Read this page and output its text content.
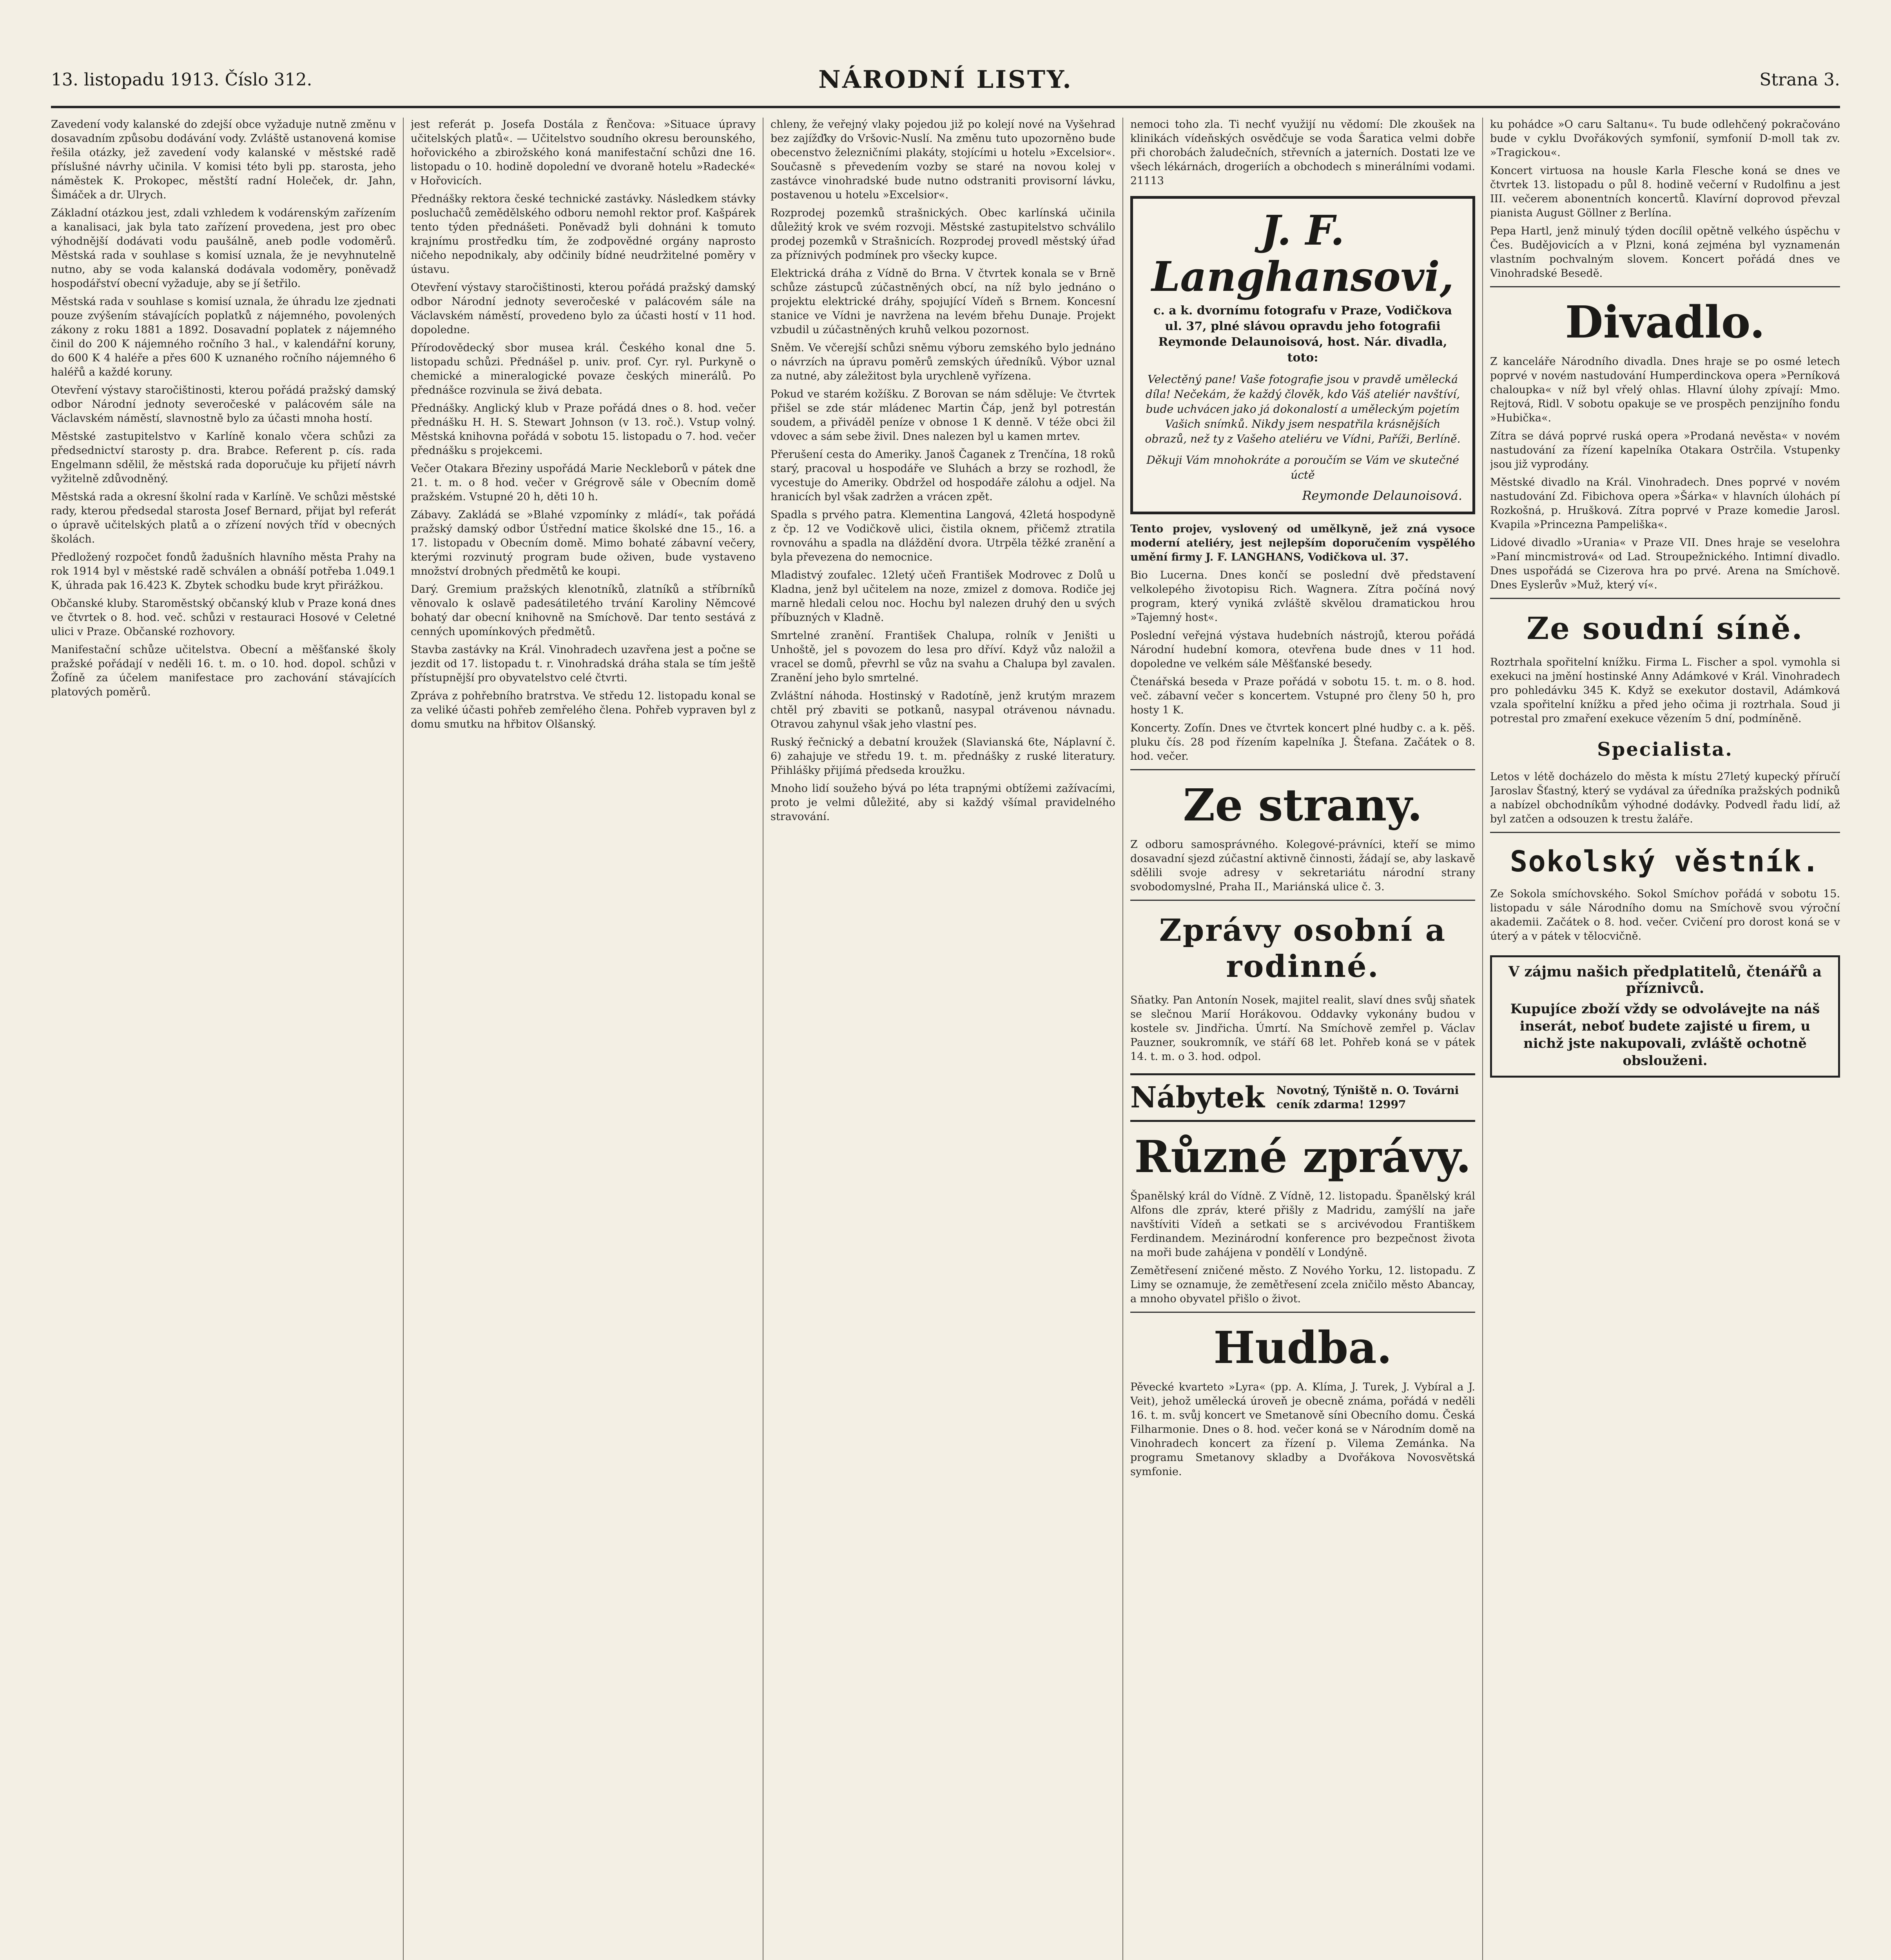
13. listopadu 1913. Číslo 312.	NÁRODNÍ LISTY.	Strana 3.

Zavedení vody kalanské do zdejší obce vyžaduje nutně změnu v dosavadním způsobu dodávání vody. Zvláště ustanovená komise řešila otázky, jež zavedení vody kalanské v městské radě příslušné návrhy učinila. V komisi této byli pp. starosta, jeho náměstek K. Prokopec, městští radní Holeček, dr. Jahn, Šimáček a dr. Ulrych.

Základní otázkou jest, zdali vzhledem k vodárenským zařízením a kanalisaci, jak byla tato zařízení provedena, jest pro obec výhodnější dodávati vodu paušálně, aneb podle vodoměrů. Městská rada v souhlase s komisí uznala, že je nevyhnutelně nutno, aby se voda kalanská dodávala vodoměry, poněvadž hospodářství obecní vyžaduje, aby se jí šetřilo.

Městská rada v souhlase s komisí uznala, že úhradu lze zjednati pouze zvýšením stávajících poplatků z nájemného, povolených zákony z roku 1881 a 1892. Dosavadní poplatek z nájemného činil do 200 K nájemného ročního 3 hal., v kalendářní koruny, do 600 K 4 haléře a přes 600 K uznaného ročního nájemného 6 haléřů a každé koruny.

Otevření výstavy staročištinosti, kterou pořádá pražský damský odbor Národní jednoty severočeské v palácovém sále na Václavském náměstí, slavnostně bylo za účasti mnoha hostí.

Městské zastupitelstvo v Karlíně konalo včera schůzi za předsednictví starosty p. dra. Brabce. Referent p. cís. rada Engelmann sdělil, že městská rada doporučuje ku přijetí návrh vyžitelně zdůvodněný.

Městská rada a okresní školní rada v Karlíně. Ve schůzi městské rady, kterou předsedal starosta Josef Bernard, přijat byl referát o úpravě učitelských platů a o zřízení nových tříd v obecných školách.

Předložený rozpočet fondů žadušních hlavního města Prahy na rok 1914 byl v městské radě schválen a obnáší potřeba 1.049.1 K, úhrada pak 16.423 K. Zbytek schodku bude kryt přirážkou.

Občanské kluby. Staroměstský občanský klub v Praze koná dnes ve čtvrtek o 8. hod. več. schůzi v restauraci Hosové v Celetné ulici v Praze. Občanské rozhovory.

Manifestační schůze učitelstva. Obecní a měšťanské školy pražské pořádají v neděli 16. t. m. o 10. hod. dopol. schůzi v Žofíně za účelem manifestace pro zachování stávajících platových poměrů.

jest referát p. Josefa Dostála z Řenčova: »Situace úpravy učitelských platů«. — Učitelstvo soudního okresu berounského, hořovického a zbirožského koná manifestační schůzi dne 16. listopadu o 10. hodině dopolední ve dvoraně hotelu »Radecké« v Hořovicích.

Přednášky rektora české technické zastávky. Následkem stávky posluchačů zemědělského odboru nemohl rektor prof. Kašpárek tento týden přednášeti. Poněvadž byli dohnáni k tomuto krajnímu prostředku tím, že zodpovědné orgány naprosto ničeho nepodnikaly, aby odčinily bídné neudržitelné poměry v ústavu.

Otevření výstavy staročištinosti, kterou pořádá pražský damský odbor Národní jednoty severočeské v palácovém sále na Václavském náměstí, provedeno bylo za účasti hostí v 11 hod. dopoledne.

Přírodovědecký sbor musea král. Českého konal dne 5. listopadu schůzi. Přednášel p. univ. prof. Cyr. ryl. Purkyně o chemické a mineralogické povaze českých minerálů. Po přednášce rozvinula se živá debata.

Přednášky. Anglický klub v Praze pořádá dnes o 8. hod. večer přednášku H. H. S. Stewart Johnson (v 13. roč.). Vstup volný. Městská knihovna pořádá v sobotu 15. listopadu o 7. hod. večer přednášku s projekcemi.

Večer Otakara Březiny uspořádá Marie Neckleborů v pátek dne 21. t. m. o 8 hod. večer v Grégrově sále v Obecním domě pražském. Vstupné 20 h, děti 10 h.

Zábavy. Zakládá se »Blahé vzpomínky z mládí«, tak pořádá pražský damský odbor Ústřední matice školské dne 15., 16. a 17. listopadu v Obecním domě. Mimo bohaté zábavní večery, kterými rozvinutý program bude oživen, bude vystaveno množství drobných předmětů ke koupi.

Darý. Gremium pražských klenotníků, zlatníků a stříbrníků věnovalo k oslavě padesátiletého trvání Karoliny Němcové bohatý dar obecní knihovně na Smíchově. Dar tento sestává z cenných upomínkových předmětů.

Stavba zastávky na Král. Vinohradech uzavřena jest a počne se jezdit od 17. listopadu t. r. Vinohradská dráha stala se tím ještě přístupnější pro obyvatelstvo celé čtvrti.

Zpráva z pohřebního bratrstva. Ve středu 12. listopadu konal se za veliké účasti pohřeb zemřelého člena. Pohřeb vypraven byl z domu smutku na hřbitov Olšanský.

chleny, že veřejný vlaky pojedou již po kolejí nové na Vyšehrad bez zajížďky do Vršovic-Nuslí. Na změnu tuto upozorněno bude obecenstvo železničními plakáty, stojícími u hotelu »Excelsior«. Současně s převedením vozby se staré na novou kolej v zastávce vinohradské bude nutno odstraniti provisorní lávku, postavenou u hotelu »Excelsior«.

Rozprodej pozemků strašnických. Obec karlínská učinila důležitý krok ve svém rozvoji. Městské zastupitelstvo schválilo prodej pozemků v Strašnicích. Rozprodej provedl městský úřad za příznivých podmínek pro všecky kupce.

Elektrická dráha z Vídně do Brna. V čtvrtek konala se v Brně schůze zástupců zúčastněných obcí, na níž bylo jednáno o projektu elektrické dráhy, spojující Vídeň s Brnem. Koncesní stanice ve Vídni je navržena na levém břehu Dunaje. Projekt vzbudil u zúčastněných kruhů velkou pozornost.

Sněm. Ve včerejší schůzi sněmu výboru zemského bylo jednáno o návrzích na úpravu poměrů zemských úředníků. Výbor uznal za nutné, aby záležitost byla urychleně vyřízena.

Pokud ve starém kožíšku. Z Borovan se nám sděluje: Ve čtvrtek přišel se zde stár mládenec Martin Čáp, jenž byl potrestán soudem, a přiváděl peníze v obnose 1 K denně. V téže obci žil vdovec a sám sebe živil. Dnes nalezen byl u kamen mrtev.

Přerušení cesta do Ameriky. Janoš Čaganek z Trenčína, 18 roků starý, pracoval u hospodáře ve Sluhách a brzy se rozhodl, že vycestuje do Ameriky. Obdržel od hospodáře zálohu a odjel. Na hranicích byl však zadržen a vrácen zpět.

Spadla s prvého patra. Klementina Langová, 42letá hospodyně z čp. 12 ve Vodičkově ulici, čistila oknem, přičemž ztratila rovnováhu a spadla na dláždění dvora. Utrpěla těžké zranění a byla převezena do nemocnice.

Mladistvý zoufalec. 12letý učeň František Modrovec z Dolů u Kladna, jenž byl učitelem na noze, zmizel z domova. Rodiče jej marně hledali celou noc. Hochu byl nalezen druhý den u svých příbuzných v Kladně.

Smrtelné zranění. František Chalupa, rolník v Jeništi u Unhoště, jel s povozem do lesa pro dříví. Když vůz naložil a vracel se domů, převrhl se vůz na svahu a Chalupa byl zavalen. Zranění jeho bylo smrtelné.

Zvláštní náhoda. Hostinský v Radotíně, jenž krutým mrazem chtěl prý zbaviti se potkanů, nasypal otrávenou návnadu. Otravou zahynul však jeho vlastní pes.

Ruský řečnický a debatní kroužek (Slavianská 6te, Náplavní č. 6) zahajuje ve středu 19. t. m. přednášky z ruské literatury. Přihlášky přijímá předseda kroužku.

Mnoho lidí soužeho bývá po léta trapnými obtížemi zažívacími, proto je velmi důležité, aby si každý všímal pravidelného stravování.

nemoci toho zla. Ti nechť využijí nu vědomí: Dle zkoušek na klinikách vídeňských osvědčuje se voda Šaratica velmi dobře při chorobách žaludečních, střevních a jaterních. Dostati lze ve všech lékárnách, drogeriích a obchodech s minerálními vodami. 21113

J. F. Langhansovi,
c. a k. dvornímu fotografu v Praze, Vodičkova ul. 37, plné slávou opravdu jeho fotografii Reymonde Delaunoisová, host. Nár. divadla, toto:
Velectěný pane! Vaše fotografie jsou v pravdě umělecká díla! Nečekám, že každý člověk, kdo Váš ateliér navštíví, bude uchvácen jako já dokonalostí a uměleckým pojetím Vašich snímků. Nikdy jsem nespatřila krásnějších obrazů, než ty z Vašeho ateliéru ve Vídni, Paříži, Berlíně.
Děkuji Vám mnohokráte a poroučím se Vám ve skutečné úctě
Reymonde Delaunoisová.

Tento projev, vyslovený od umělkyně, jež zná vysoce moderní ateliéry, jest nejlepším doporučením vyspělého umění firmy J. F. LANGHANS, Vodičkova ul. 37.

Bio Lucerna. Dnes končí se poslední dvě představení velkolepého životopisu Rich. Wagnera. Zítra počíná nový program, který vyniká zvláště skvělou dramatickou hrou »Tajemný host«.

Poslední veřejná výstava hudebních nástrojů, kterou pořádá Národní hudební komora, otevřena bude dnes v 11 hod. dopoledne ve velkém sále Měšťanské besedy.

Čtenářská beseda v Praze pořádá v sobotu 15. t. m. o 8. hod. več. zábavní večer s koncertem. Vstupné pro členy 50 h, pro hosty 1 K.

Koncerty. Zofín. Dnes ve čtvrtek koncert plné hudby c. a k. pěš. pluku čís. 28 pod řízením kapelníka J. Štefana. Začátek o 8. hod. večer.

Ze strany.

Z odboru samosprávného. Kolegové-právníci, kteří se mimo dosavadní sjezd zúčastní aktivně činnosti, žádají se, aby laskavě sdělili svoje adresy v sekretariátu národní strany svobodomyslné, Praha II., Mariánská ulice č. 3.

Zprávy osobní a rodinné.

Sňatky. Pan Antonín Nosek, majitel realit, slaví dnes svůj sňatek se slečnou Marií Horákovou. Oddavky vykonány budou v kostele sv. Jindřicha. Úmrtí. Na Smíchově zemřel p. Václav Pauzner, soukromník, ve stáří 68 let. Pohřeb koná se v pátek 14. t. m. o 3. hod. odpol.

Nábytek Novotný, Týniště n. O. Továrni ceník zdarma! 12997
Různé zprávy.

Španělský král do Vídně. Z Vídně, 12. listopadu. Španělský král Alfons dle zpráv, které přišly z Madridu, zamýšlí na jaře navštíviti Vídeň a setkati se s arcivévodou Františkem Ferdinandem. Mezinárodní konference pro bezpečnost života na moři bude zahájena v pondělí v Londýně.

Zemětřesení zničené město. Z Nového Yorku, 12. listopadu. Z Limy se oznamuje, že zemětřesení zcela zničilo město Abancay, a mnoho obyvatel přišlo o život.

Hudba.

Pěvecké kvarteto »Lyra« (pp. A. Klíma, J. Turek, J. Vybíral a J. Veit), jehož umělecká úroveň je obecně známa, pořádá v neděli 16. t. m. svůj koncert ve Smetanově síni Obecního domu. Česká Filharmonie. Dnes o 8. hod. večer koná se v Národním domě na Vinohradech koncert za řízení p. Vilema Zemánka. Na programu Smetanovy skladby a Dvořákova Novosvětská symfonie.

ku pohádce »O caru Saltanu«. Tu bude odlehčený pokračováno bude v cyklu Dvořákových symfonií, symfonií D-moll tak zv. »Tragickou«.

Koncert virtuosa na housle Karla Flesche koná se dnes ve čtvrtek 13. listopadu o půl 8. hodině večerní v Rudolfinu a jest III. večerem abonentních koncertů. Klavírní doprovod převzal pianista August Göllner z Berlína.

Pepa Hartl, jenž minulý týden docílil opětně velkého úspěchu v Čes. Budějovicích a v Plzni, koná zejména byl vyznamenán vlastním pochvalným slovem. Koncert pořádá dnes ve Vinohradské Besedě.

Divadlo.

Z kanceláře Národního divadla. Dnes hraje se po osmé letech poprvé v novém nastudování Humperdinckova opera »Perníková chaloupka« v níž byl vřelý ohlas. Hlavní úlohy zpívají: Mmo. Rejtová, Ridl. V sobotu opakuje se ve prospěch penzijního fondu »Hubička«.

Zítra se dává poprvé ruská opera »Prodaná nevěsta« v novém nastudování za řízení kapelníka Otakara Ostrčila. Vstupenky jsou již vyprodány.

Městské divadlo na Král. Vinohradech. Dnes poprvé v novém nastudování Zd. Fibichova opera »Šárka« v hlavních úlohách pí Rozkošná, p. Hrušková. Zítra poprvé v Praze komedie Jarosl. Kvapila »Princezna Pampeliška«.

Lidové divadlo »Urania« v Praze VII. Dnes hraje se veselohra »Paní mincmistrová« od Lad. Stroupežnického. Intimní divadlo. Dnes uspořádá se Cizerova hra po prvé. Arena na Smíchově. Dnes Eyslerův »Muž, který ví«.

Ze soudní síně.

Roztrhala spořitelní knížku. Firma L. Fischer a spol. vymohla si exekuci na jmění hostinské Anny Adámkové v Král. Vinohradech pro pohledávku 345 K. Když se exekutor dostavil, Adámková vzala spořitelní knížku a před jeho očima ji roztrhala. Soud ji potrestal pro zmaření exekuce vězením 5 dní, podmíněně.

Specialista.

Letos v létě docházelo do města k místu 27letý kupecký příručí Jaroslav Šťastný, který se vydával za úředníka pražských podniků a nabízel obchodníkům výhodné dodávky. Podvedl řadu lidí, až byl zatčen a odsouzen k trestu žaláře.

Sokolský věstník.

Ze Sokola smíchovského. Sokol Smíchov pořádá v sobotu 15. listopadu v sále Národního domu na Smíchově svou výroční akademii. Začátek o 8. hod. večer. Cvičení pro dorost koná se v úterý a v pátek v tělocvičně.

V zájmu našich předplatitelů, čtenářů a příznivců.
Kupujíce zboží vždy se odvolávejte na náš inserát, neboť budete zajisté u firem, u nichž jste nakupovali, zvláště ochotně obslouženi.
